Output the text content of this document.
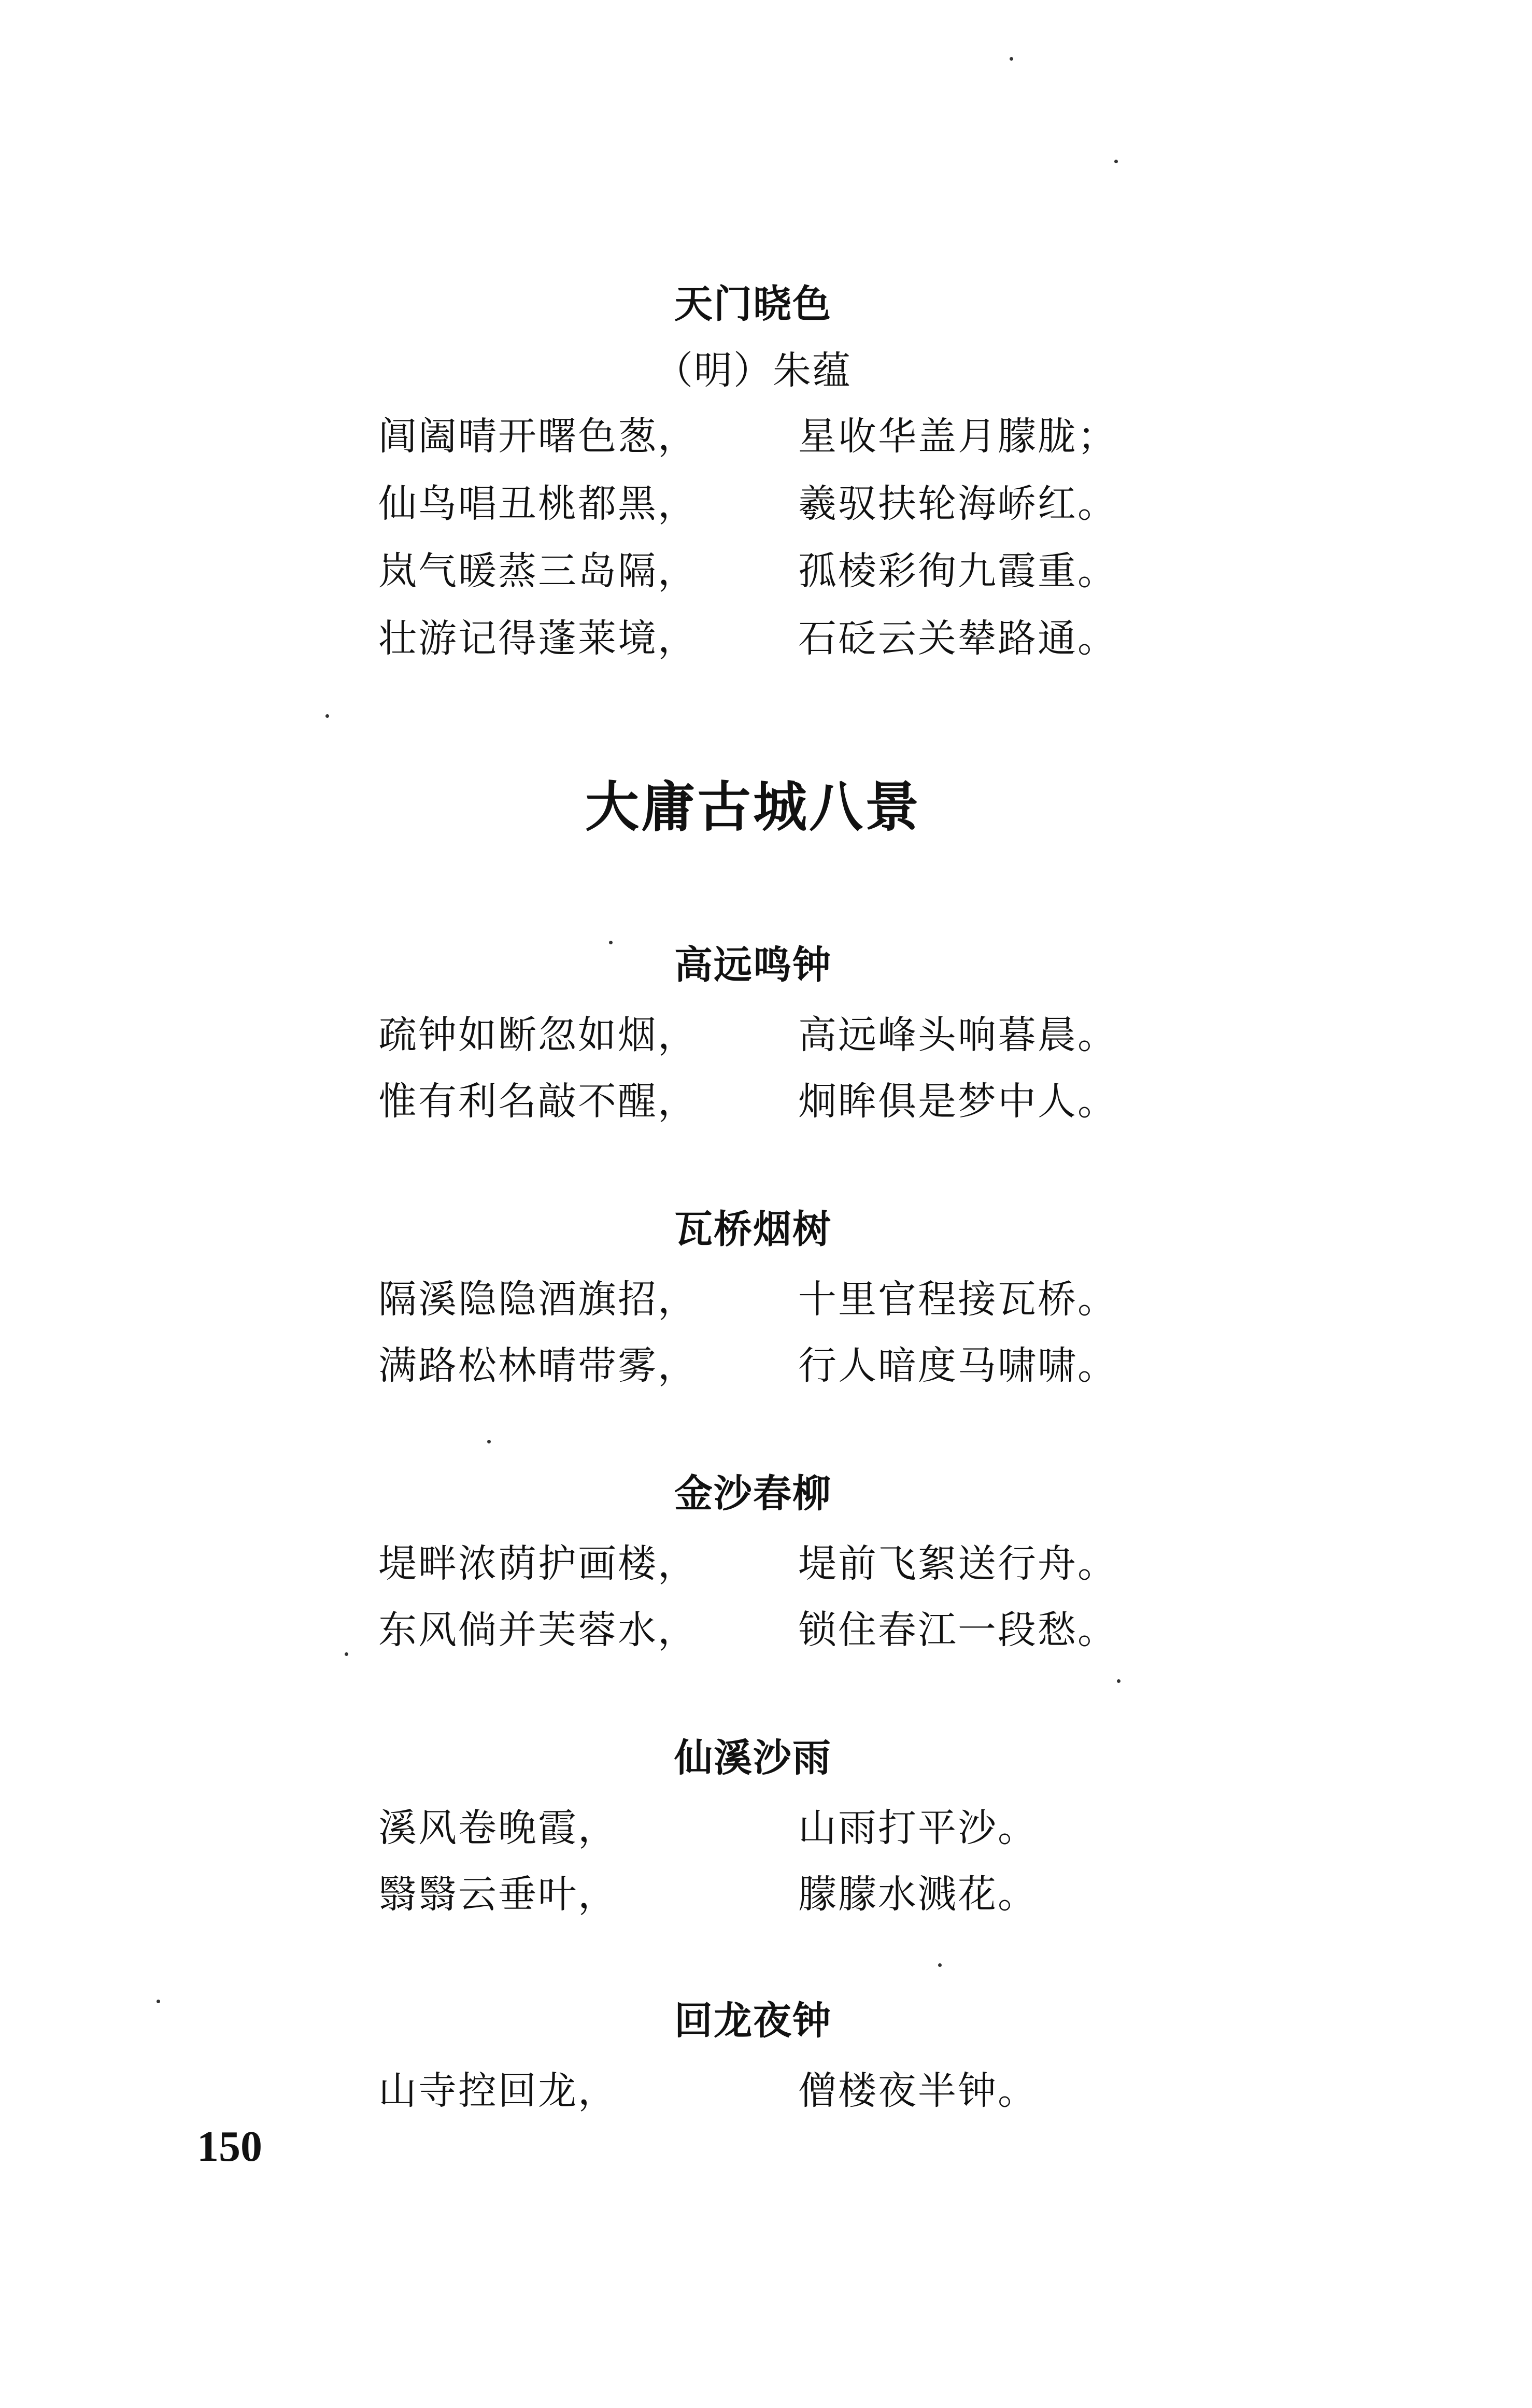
天门晓色
（明）朱蕴
阊阖晴开曙色葱，	星收华盖月朦胧；
仙鸟唱丑桃都黑，	羲驭扶轮海峤红。
岚气暖蒸三岛隔，	孤棱彩徇九霞重。
壮游记得蓬莱境，	石砭云关辇路通。
大庸古城八景
高远鸣钟
疏钟如断忽如烟，	高远峰头响暮晨。
惟有利名敲不醒，	炯眸俱是梦中人。
瓦桥烟树
隔溪隐隐酒旗招，	十里官程接瓦桥。
满路松林晴带雾，	行人暗度马啸啸。
金沙春柳
堤畔浓荫护画楼，	堤前飞絮送行舟。
东风倘并芙蓉水，	锁住春江一段愁。
仙溪沙雨
溪风卷晚霞，	山雨打平沙。
翳翳云垂叶，	朦朦水溅花。
回龙夜钟
山寺控回龙，	僧楼夜半钟。
150
